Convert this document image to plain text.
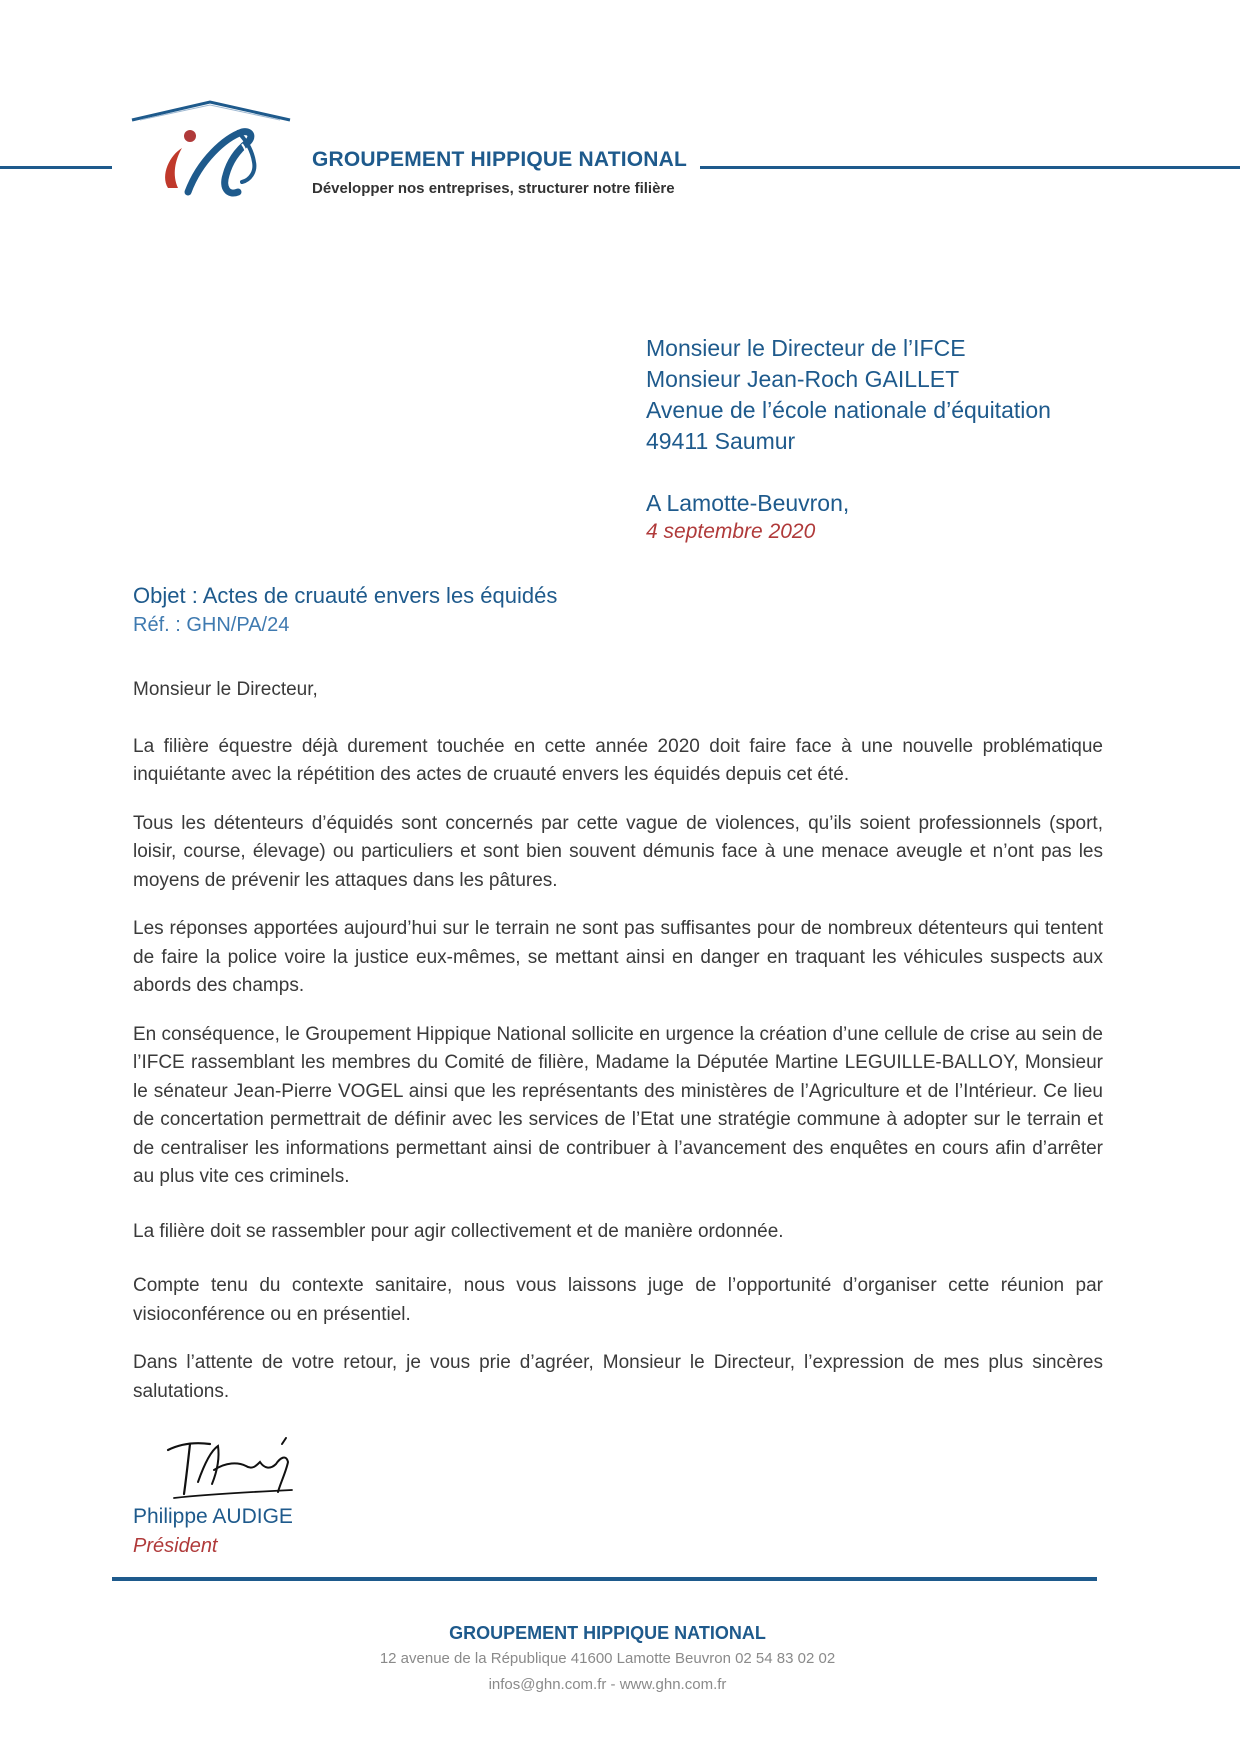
GROUPEMENT HIPPIQUE NATIONAL
Développer nos entreprises, structurer notre filière
Monsieur le Directeur de l’IFCE
Monsieur Jean-Roch GAILLET
Avenue de l’école nationale d’équitation
49411 Saumur
A Lamotte-Beuvron,
4 septembre 2020
Objet : Actes de cruauté envers les équidés
Réf. : GHN/PA/24

Monsieur le Directeur,

La filière équestre déjà durement touchée en cette année 2020 doit faire face à une nouvelle problématique inquiétante avec la répétition des actes de cruauté envers les équidés depuis cet été.

Tous les détenteurs d’équidés sont concernés par cette vague de violences, qu’ils soient professionnels (sport, loisir, course, élevage) ou particuliers et sont bien souvent démunis face à une menace aveugle et n’ont pas les moyens de prévenir les attaques dans les pâtures.

Les réponses apportées aujourd’hui sur le terrain ne sont pas suffisantes pour de nombreux détenteurs qui tentent de faire la police voire la justice eux-mêmes, se mettant ainsi en danger en traquant les véhicules suspects aux abords des champs.

En conséquence, le Groupement Hippique National sollicite en urgence la création d’une cellule de crise au sein de l’IFCE rassemblant les membres du Comité de filière, Madame la Députée Martine LEGUILLE-BALLOY, Monsieur le sénateur Jean-Pierre VOGEL ainsi que les représentants des ministères de l’Agriculture et de l’Intérieur. Ce lieu de concertation permettrait de définir avec les services de l’Etat une stratégie commune à adopter sur le terrain et de centraliser les informations permettant ainsi de contribuer à l’avancement des enquêtes en cours afin d’arrêter au plus vite ces criminels.

La filière doit se rassembler pour agir collectivement et de manière ordonnée.

Compte tenu du contexte sanitaire, nous vous laissons juge de l’opportunité d’organiser cette réunion par visioconférence ou en présentiel.

Dans l’attente de votre retour, je vous prie d’agréer, Monsieur le Directeur, l’expression de mes plus sincères salutations.

Philippe AUDIGE
Président
GROUPEMENT HIPPIQUE NATIONAL
12 avenue de la République 41600 Lamotte Beuvron 02 54 83 02 02
infos@ghn.com.fr - www.ghn.com.fr
